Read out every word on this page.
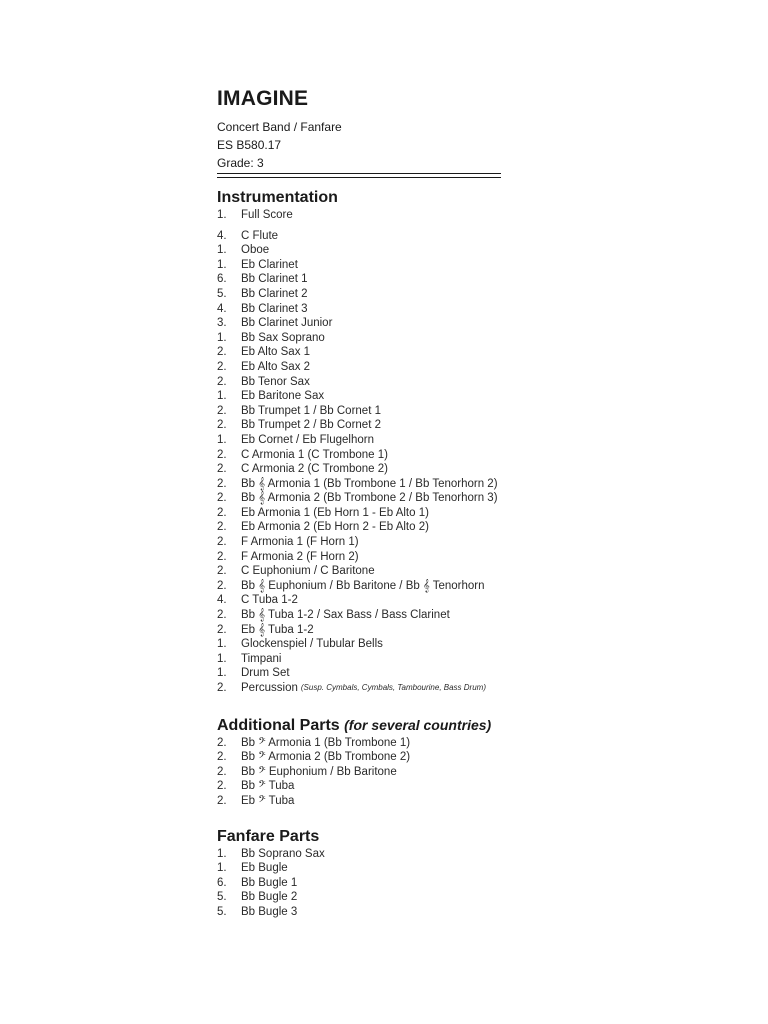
IMAGINE
Concert Band / Fanfare
ES B580.17
Grade: 3
Instrumentation
1.	Full Score
4.	C Flute
1.	Oboe
1.	Eb Clarinet
6.	Bb Clarinet 1
5.	Bb Clarinet 2
4.	Bb Clarinet 3
3.	Bb Clarinet Junior
1.	Bb Sax Soprano
2.	Eb Alto Sax 1
2.	Eb Alto Sax 2
2.	Bb Tenor Sax
1.	Eb Baritone Sax
2.	Bb Trumpet 1 / Bb Cornet 1
2.	Bb Trumpet 2 / Bb Cornet 2
1.	Eb Cornet / Eb Flugelhorn
2.	C Armonia 1 (C Trombone 1)
2.	C Armonia 2 (C Trombone 2)
2.	Bb 𝄞 Armonia 1 (Bb Trombone 1 / Bb Tenorhorn 2)
2.	Bb 𝄞 Armonia 2 (Bb Trombone 2 / Bb Tenorhorn 3)
2.	Eb Armonia 1 (Eb Horn 1 - Eb Alto 1)
2.	Eb Armonia 2 (Eb Horn 2 - Eb Alto 2)
2.	F Armonia 1 (F Horn 1)
2.	F Armonia 2 (F Horn 2)
2.	C Euphonium / C Baritone
2.	Bb 𝄞 Euphonium / Bb Baritone / Bb 𝄞 Tenorhorn
4.	C Tuba 1-2
2.	Bb 𝄞 Tuba 1-2 / Sax Bass / Bass Clarinet
2.	Eb 𝄞 Tuba 1-2
1.	Glockenspiel / Tubular Bells
1.	Timpani
1.	Drum Set
2.	Percussion (Susp. Cymbals, Cymbals, Tambourine, Bass Drum)
Additional Parts (for several countries)
2.	Bb 𝄢 Armonia 1 (Bb Trombone 1)
2.	Bb 𝄢 Armonia 2 (Bb Trombone 2)
2.	Bb 𝄢 Euphonium / Bb Baritone
2.	Bb 𝄢 Tuba
2.	Eb 𝄢 Tuba
Fanfare Parts
1.	Bb Soprano Sax
1.	Eb Bugle
6.	Bb Bugle 1
5.	Bb Bugle 2
5.	Bb Bugle 3
